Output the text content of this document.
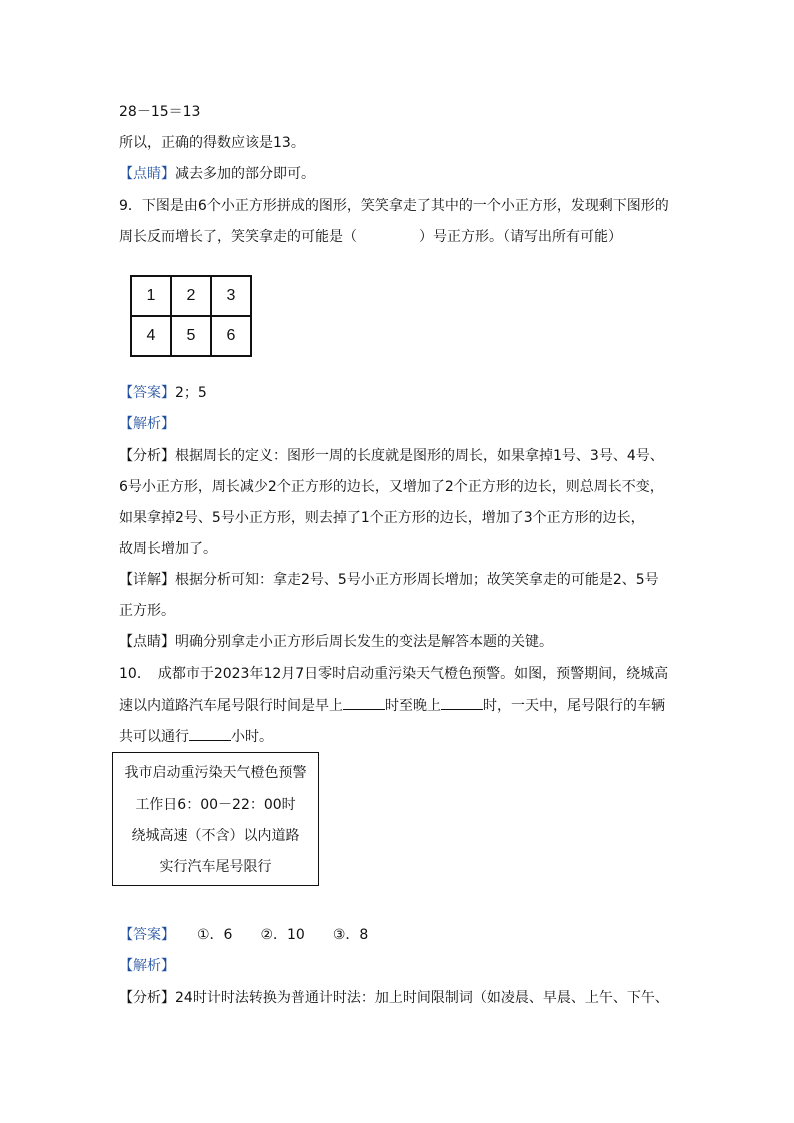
28－15＝13
所以，正确的得数应该是13。
【点睛】减去多加的部分即可。
9．下图是由6个小正方形拼成的图形，笑笑拿走了其中的一个小正方形，发现剩下图形的
周长反而增长了，笑笑拿走的可能是（	）号正方形。（请写出所有可能）
1	2	3
4	5	6
【答案】2；5
【解析】
【分析】根据周长的定义：图形一周的长度就是图形的周长，如果拿掉1号、3号、4号、
6号小正方形，周长减少2个正方形的边长，又增加了2个正方形的边长，则总周长不变，
如果拿掉2号、5号小正方形，则去掉了1个正方形的边长，增加了3个正方形的边长，
故周长增加了。
【详解】根据分析可知：拿走2号、5号小正方形周长增加；故笑笑拿走的可能是2、5号
正方形。
【点睛】明确分别拿走小正方形后周长发生的变法是解答本题的关键。
10．　成都市于2023年12月7日零时启动重污染天气橙色预警。如图，预警期间，绕城高
速以内道路汽车尾号限行时间是早上	时至晚上	时，一天中，尾号限行的车辆
共可以通行	小时。
我市启动重污染天气橙色预警
工作日6：00－22：00时
绕城高速（不含）以内道路
实行汽车尾号限行
【答案】 ①．6　　②．10　　③．8
【解析】
【分析】24时计时法转换为普通计时法：加上时间限制词（如凌晨、早晨、上午、下午、
